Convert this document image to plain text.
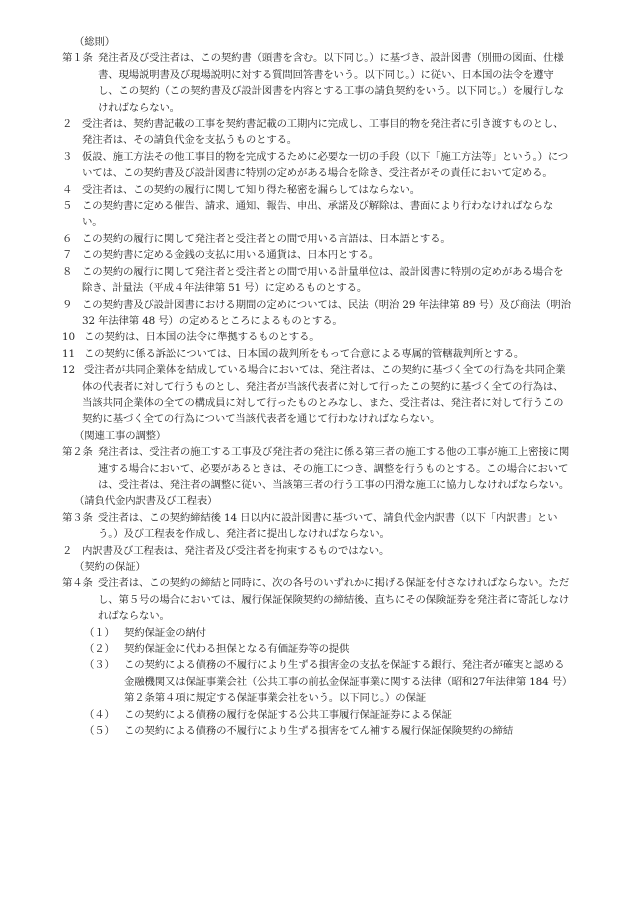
（総則）
第１条 発注者及び受注者は、この契約書（頭書を含む。以下同じ。）に基づき、設計図書（別冊の図面、仕様書、現場説明書及び現場説明に対する質問回答書をいう。以下同じ。）に従い、日本国の法令を遵守し、この契約（この契約書及び設計図書を内容とする工事の請負契約をいう。以下同じ。）を履行しなければならない。
２ 受注者は、契約書記載の工事を契約書記載の工期内に完成し、工事目的物を発注者に引き渡すものとし、発注者は、その請負代金を支払うものとする。
３ 仮設、施工方法その他工事目的物を完成するために必要な一切の手段（以下「施工方法等」という。）については、この契約書及び設計図書に特別の定めがある場合を除き、受注者がその責任において定める。
４ 受注者は、この契約の履行に関して知り得た秘密を漏らしてはならない。
５ この契約書に定める催告、請求、通知、報告、申出、承諾及び解除は、書面により行わなければならない。
６ この契約の履行に関して発注者と受注者との間で用いる言語は、日本語とする。
７ この契約書に定める金銭の支払に用いる通貨は、日本円とする。
８ この契約の履行に関して発注者と受注者との間で用いる計量単位は、設計図書に特別の定めがある場合を除き、計量法（平成４年法律第 51 号）に定めるものとする。
９ この契約書及び設計図書における期間の定めについては、民法（明治 29 年法律第 89 号）及び商法（明治 32 年法律第 48 号）の定めるところによるものとする。
10 この契約は、日本国の法令に準拠するものとする。
11 この契約に係る訴訟については、日本国の裁判所をもって合意による専属的管轄裁判所とする。
12 受注者が共同企業体を結成している場合においては、発注者は、この契約に基づく全ての行為を共同企業体の代表者に対して行うものとし、発注者が当該代表者に対して行ったこの契約に基づく全ての行為は、当該共同企業体の全ての構成員に対して行ったものとみなし、また、受注者は、発注者に対して行うこの契約に基づく全ての行為について当該代表者を通じて行わなければならない。
（関連工事の調整）
第２条 発注者は、受注者の施工する工事及び発注者の発注に係る第三者の施工する他の工事が施工上密接に関連する場合において、必要があるときは、その施工につき、調整を行うものとする。この場合においては、受注者は、発注者の調整に従い、当該第三者の行う工事の円滑な施工に協力しなければならない。
（請負代金内訳書及び工程表）
第３条 受注者は、この契約締結後 14 日以内に設計図書に基づいて、請負代金内訳書（以下「内訳書」という。）及び工程表を作成し、発注者に提出しなければならない。
２ 内訳書及び工程表は、発注者及び受注者を拘束するものではない。
（契約の保証）
第４条 受注者は、この契約の締結と同時に、次の各号のいずれかに掲げる保証を付さなければならない。ただし、第５号の場合においては、履行保証保険契約の締結後、直ちにその保険証券を発注者に寄託しなければならない。
（１） 契約保証金の納付
（２） 契約保証金に代わる担保となる有価証券等の提供
（３） この契約による債務の不履行により生ずる損害金の支払を保証する銀行、発注者が確実と認める金融機関又は保証事業会社（公共工事の前払金保証事業に関する法律（昭和27年法律第 184 号）第２条第４項に規定する保証事業会社をいう。以下同じ。）の保証
（４） この契約による債務の履行を保証する公共工事履行保証証券による保証
（５） この契約による債務の不履行により生ずる損害をてん補する履行保証保険契約の締結
